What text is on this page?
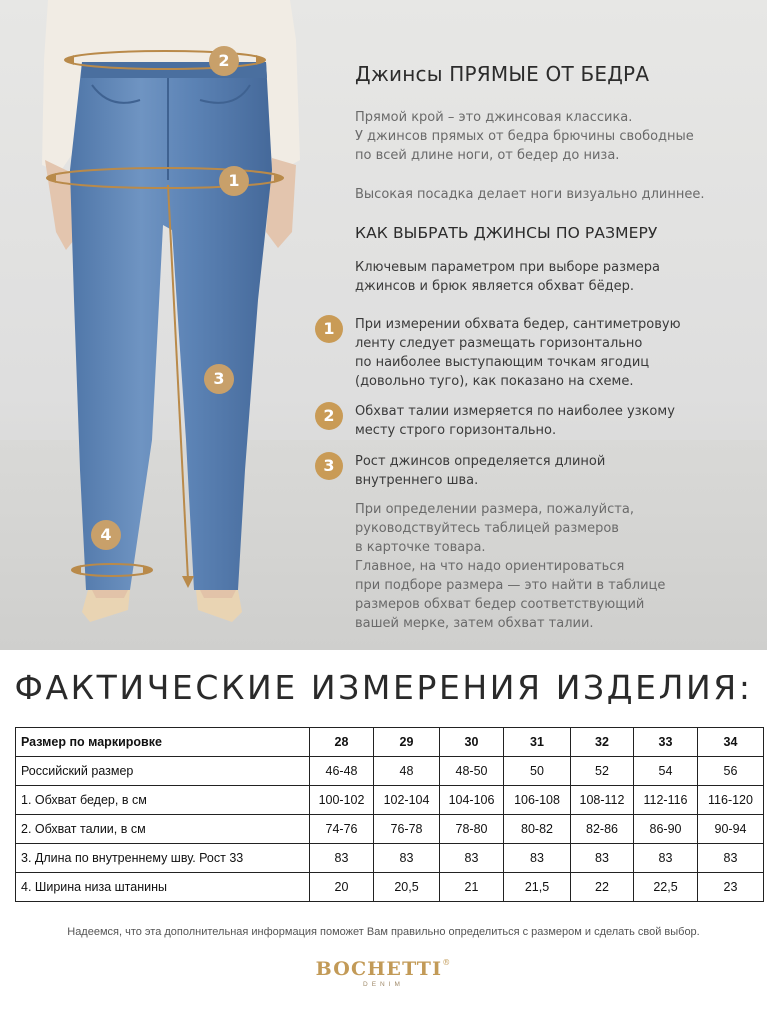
2
1
3
4
Джинсы ПРЯМЫЕ ОТ БЕДРА

Прямой крой – это джинсовая классика.
У джинсов прямых от бедра брючины свободные
по всей длине ноги, от бедер до низа.

Высокая посадка делает ноги визуально длиннее.

КАК ВЫБРАТЬ ДЖИНСЫ ПО РАЗМЕРУ

Ключевым параметром при выборе размера
джинсов и брюк является обхват бёдер.

1	При измерении обхвата бедер, сантиметровую
ленту следует размещать горизонтально
по наиболее выступающим точкам ягодиц
(довольно туго), как показано на схеме.

2	Обхват талии измеряется по наиболее узкому
месту строго горизонтально.

3	Рост джинсов определяется длиной
внутреннего шва.

При определении размера, пожалуйста,
руководствуйтесь таблицей размеров
в карточке товара.
Главное, на что надо ориентироваться
при подборе размера — это найти в таблице
размеров обхват бедер соответствующий
вашей мерке, затем обхват талии.

ФАКТИЧЕСКИЕ ИЗМЕРЕНИЯ ИЗДЕЛИЯ:
Размер по маркировке	28	29	30	31	32	33	34
Российский размер	46-48	48	48-50	50	52	54	56
1. Обхват бедер, в см	100-102	102-104	104-106	106-108	108-112	112-116	116-120
2. Обхват талии, в см	74-76	76-78	78-80	80-82	82-86	86-90	90-94
3. Длина по внутреннему шву. Рост 33	83	83	83	83	83	83	83
4. Ширина низа штанины	20	20,5	21	21,5	22	22,5	23

Надеемся, что эта дополнительная информация поможет Вам правильно определиться с размером и сделать свой выбор.

BOCHETTI®
DENIM
